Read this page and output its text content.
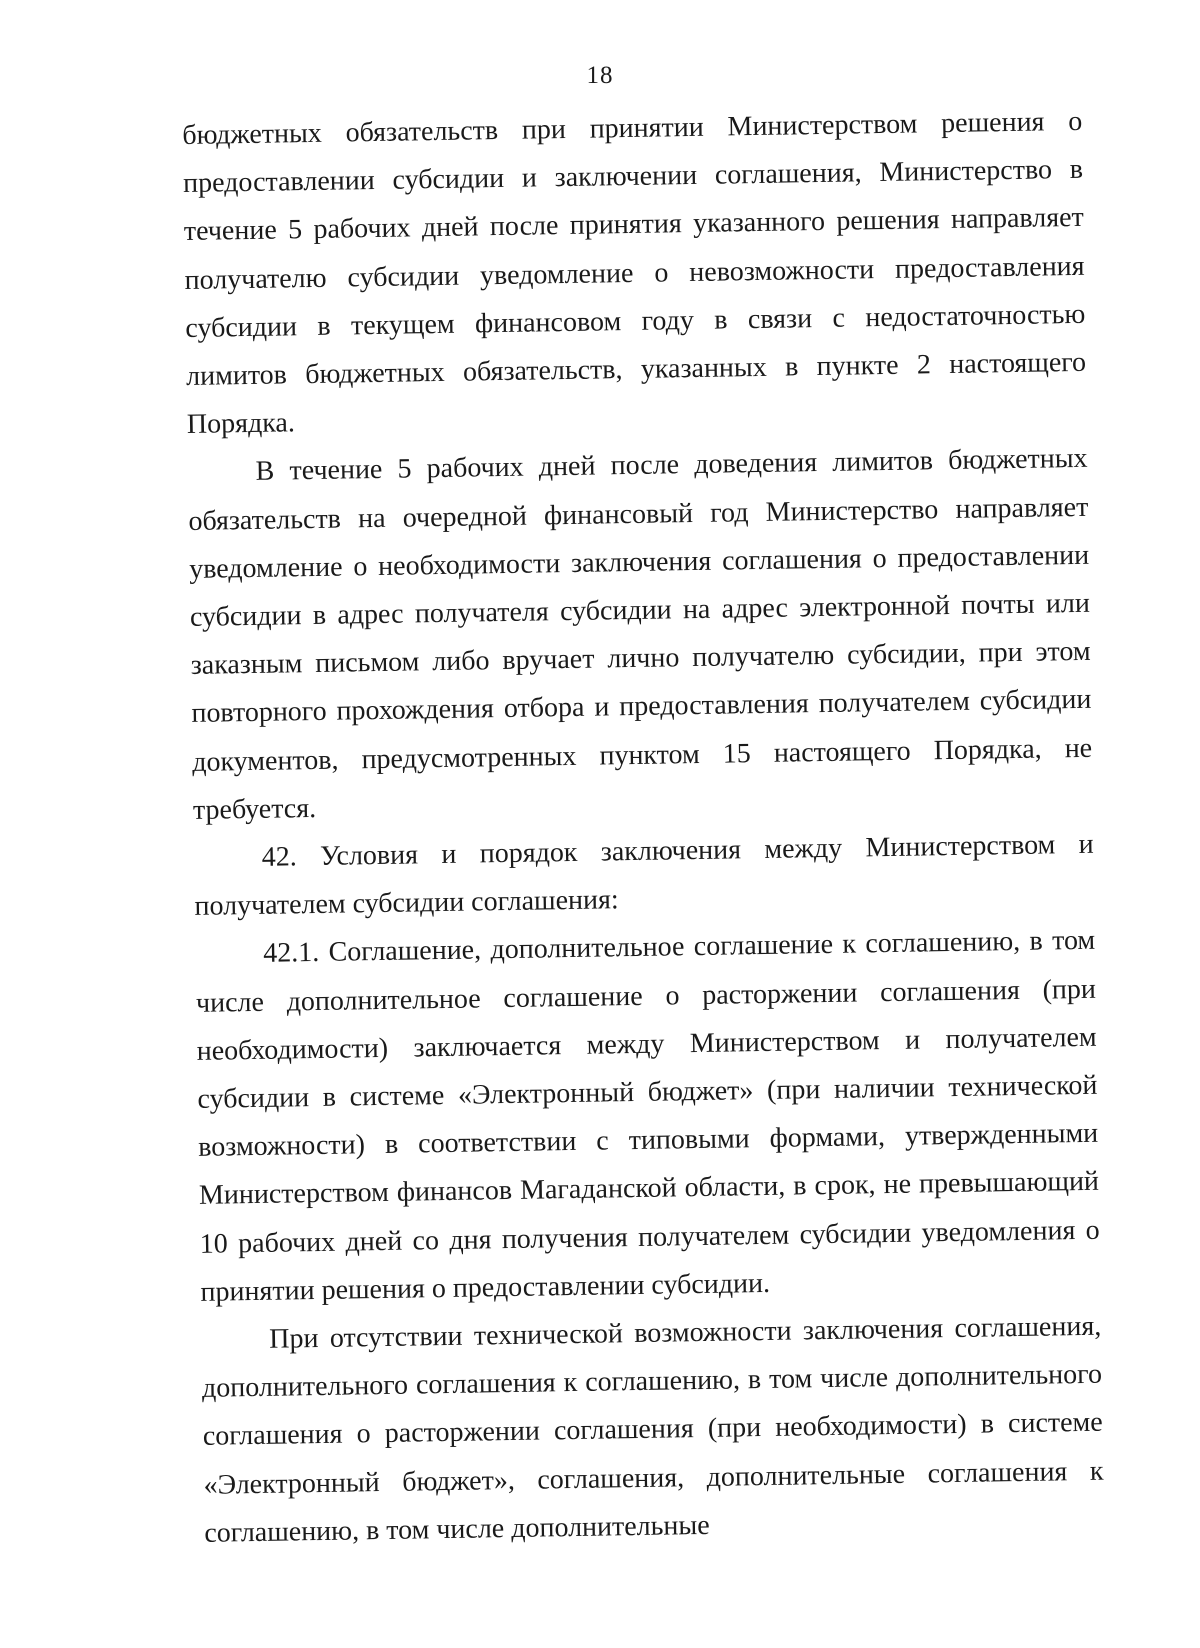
18

бюджетных обязательств при принятии Министерством решения о предоставлении субсидии и заключении соглашения, Министерство в течение 5 рабочих дней после принятия указанного решения направляет получателю субсидии уведомление о невозможности предоставления субсидии в текущем финансовом году в связи с недостаточностью лимитов бюджетных обязательств, указанных в пункте 2 настоящего Порядка.

В течение 5 рабочих дней после доведения лимитов бюджетных обязательств на очередной финансовый год Министерство направляет уведомление о необходимости заключения соглашения о предоставлении субсидии в адрес получателя субсидии на адрес электронной почты или заказным письмом либо вручает лично получателю субсидии, при этом повторного прохождения отбора и предоставления получателем субсидии документов, предусмотренных пунктом 15 настоящего Порядка, не требуется.

42. Условия и порядок заключения между Министерством и получателем субсидии соглашения:

42.1. Соглашение, дополнительное соглашение к соглашению, в том числе дополнительное соглашение о расторжении соглашения (при необходимости) заключается между Министерством и получателем субсидии в системе «Электронный бюджет» (при наличии технической возможности) в соответствии с типовыми формами, утвержденными Министерством финансов Магаданской области, в срок, не превышающий 10 рабочих дней со дня получения получателем субсидии уведомления о принятии решения о предоставлении субсидии.

При отсутствии технической возможности заключения соглашения, дополнительного соглашения к соглашению, в том числе дополнительного соглашения о расторжении соглашения (при необходимости) в системе «Электронный бюджет», соглашения, дополнительные соглашения к соглашению, в том числе дополнительные
